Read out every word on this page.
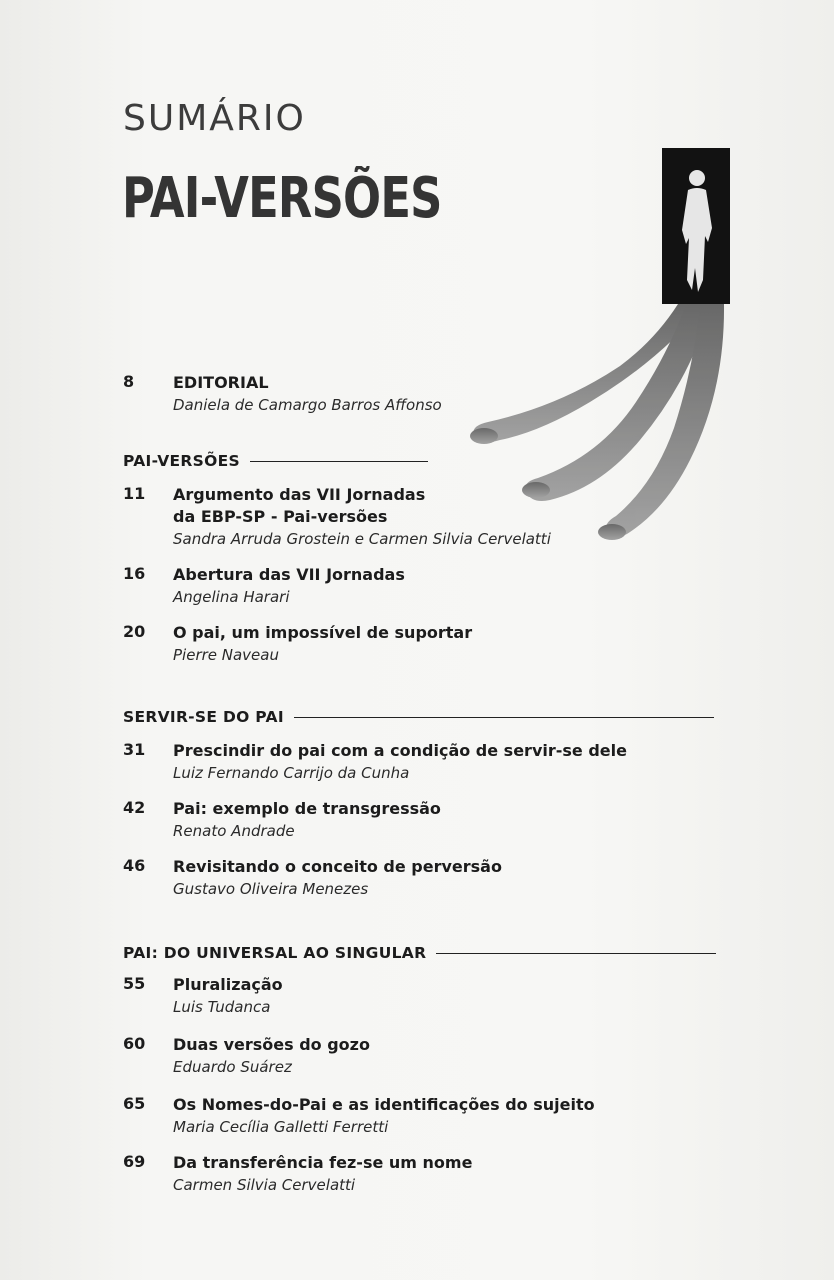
SUMÁRIO
PAI-VERSÕES
8	EDITORIAL
Daniela de Camargo Barros Affonso
PAI-VERSÕES
11	Argumento das VII Jornadas
da EBP-SP - Pai-versões
Sandra Arruda Grostein e Carmen Silvia Cervelatti
16	Abertura das VII Jornadas
Angelina Harari
20	O pai, um impossível de suportar
Pierre Naveau
SERVIR-SE DO PAI
31	Prescindir do pai com a condição de servir-se dele
Luiz Fernando Carrijo da Cunha
42	Pai: exemplo de transgressão
Renato Andrade
46	Revisitando o conceito de perversão
Gustavo Oliveira Menezes
PAI: DO UNIVERSAL AO SINGULAR
55	Pluralização
Luis Tudanca
60	Duas versões do gozo
Eduardo Suárez
65	Os Nomes-do-Pai e as identificações do sujeito
Maria Cecília Galletti Ferretti
69	Da transferência fez-se um nome
Carmen Silvia Cervelatti
